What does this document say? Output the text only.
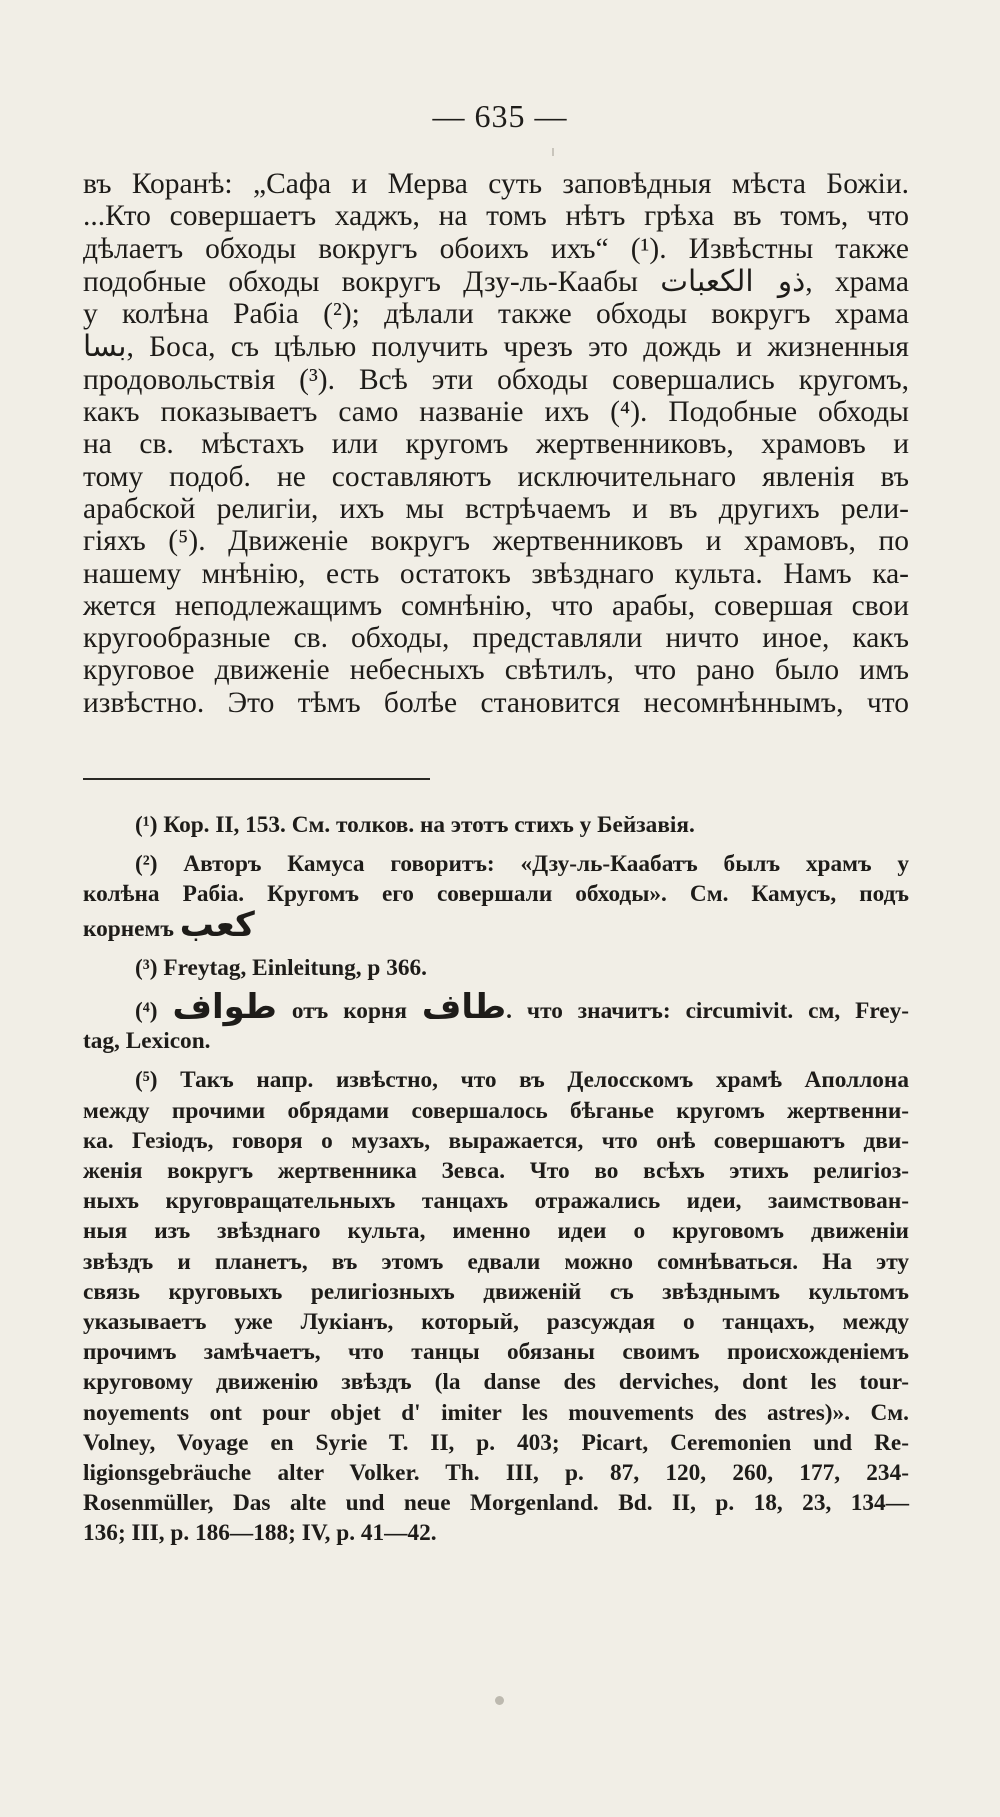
— 635 —
въ Коранѣ: „Сафа и Мерва суть заповѣдныя мѣста Божіи.
...Кто совершаетъ хаджъ, на томъ нѣтъ грѣха въ томъ, что
дѣлаетъ обходы вокругъ обоихъ ихъ“ (¹). Извѣстны также
подобные обходы вокругъ Дзу-ль-Каабы ذو الكعبات, храма
у колѣна Рабіа (²); дѣлали также обходы вокругъ храма
بسا, Боса, съ цѣлью получить чрезъ это дождь и жизненныя
продовольствія (³). Всѣ эти обходы совершались кругомъ,
какъ показываетъ само названіе ихъ (⁴). Подобные обходы
на св. мѣстахъ или кругомъ жертвенниковъ, храмовъ и
тому подоб. не составляютъ исключительнаго явленія въ
арабской религіи, ихъ мы встрѣчаемъ и въ другихъ рели-
гіяхъ (⁵). Движеніе вокругъ жертвенниковъ и храмовъ, по
нашему мнѣнію, есть остатокъ звѣзднаго культа. Намъ ка-
жется неподлежащимъ сомнѣнію, что арабы, совершая свои
кругообразные св. обходы, представляли ничто иное, какъ
круговое движеніе небесныхъ свѣтилъ, что рано было имъ
извѣстно. Это тѣмъ болѣе становится несомнѣннымъ, что
(¹) Кор. II, 153. См. толков. на этотъ стихъ у Бейзавія.
(²) Авторъ Камуса говоритъ: «Дзу-ль-Каабатъ былъ храмъ у
колѣна Рабіа. Кругомъ его совершали обходы». См. Камусъ, подъ
корнемъ كعب
(³) Freytag, Einleitung, p 366.
(⁴) طواف отъ корня طاف. что значитъ: circumivit. см, Frey-
tag, Lexicon.
(⁵) Такъ напр. извѣстно, что въ Делосскомъ храмѣ Аполлона
между прочими обрядами совершалось бѣганье кругомъ жертвенни-
ка. Гезіодъ, говоря о музахъ, выражается, что онѣ совершаютъ дви-
женія вокругъ жертвенника Зевса. Что во всѣхъ этихъ религіоз-
ныхъ круговращательныхъ танцахъ отражались идеи, заимствован-
ныя изъ звѣзднаго культа, именно идеи о круговомъ движеніи
звѣздъ и планетъ, въ этомъ едвали можно сомнѣваться. На эту
связь круговыхъ религіозныхъ движеній съ звѣзднымъ культомъ
указываетъ уже Лукіанъ, который, разсуждая о танцахъ, между
прочимъ замѣчаетъ, что танцы обязаны своимъ происхожденіемъ
круговому движенію звѣздъ (la danse des derviches, dont les tour-
noyements ont pour objet d' imiter les mouvements des astres)». См.
Volney, Voyage en Syrie T. II, p. 403; Picart, Ceremonien und Re-
ligionsgebräuche alter Volker. Th. III, p. 87, 120, 260, 177, 234-
Rosenmüller, Das alte und neue Morgenland. Bd. II, p. 18, 23, 134—
136; III, p. 186—188; IV, p. 41—42.
